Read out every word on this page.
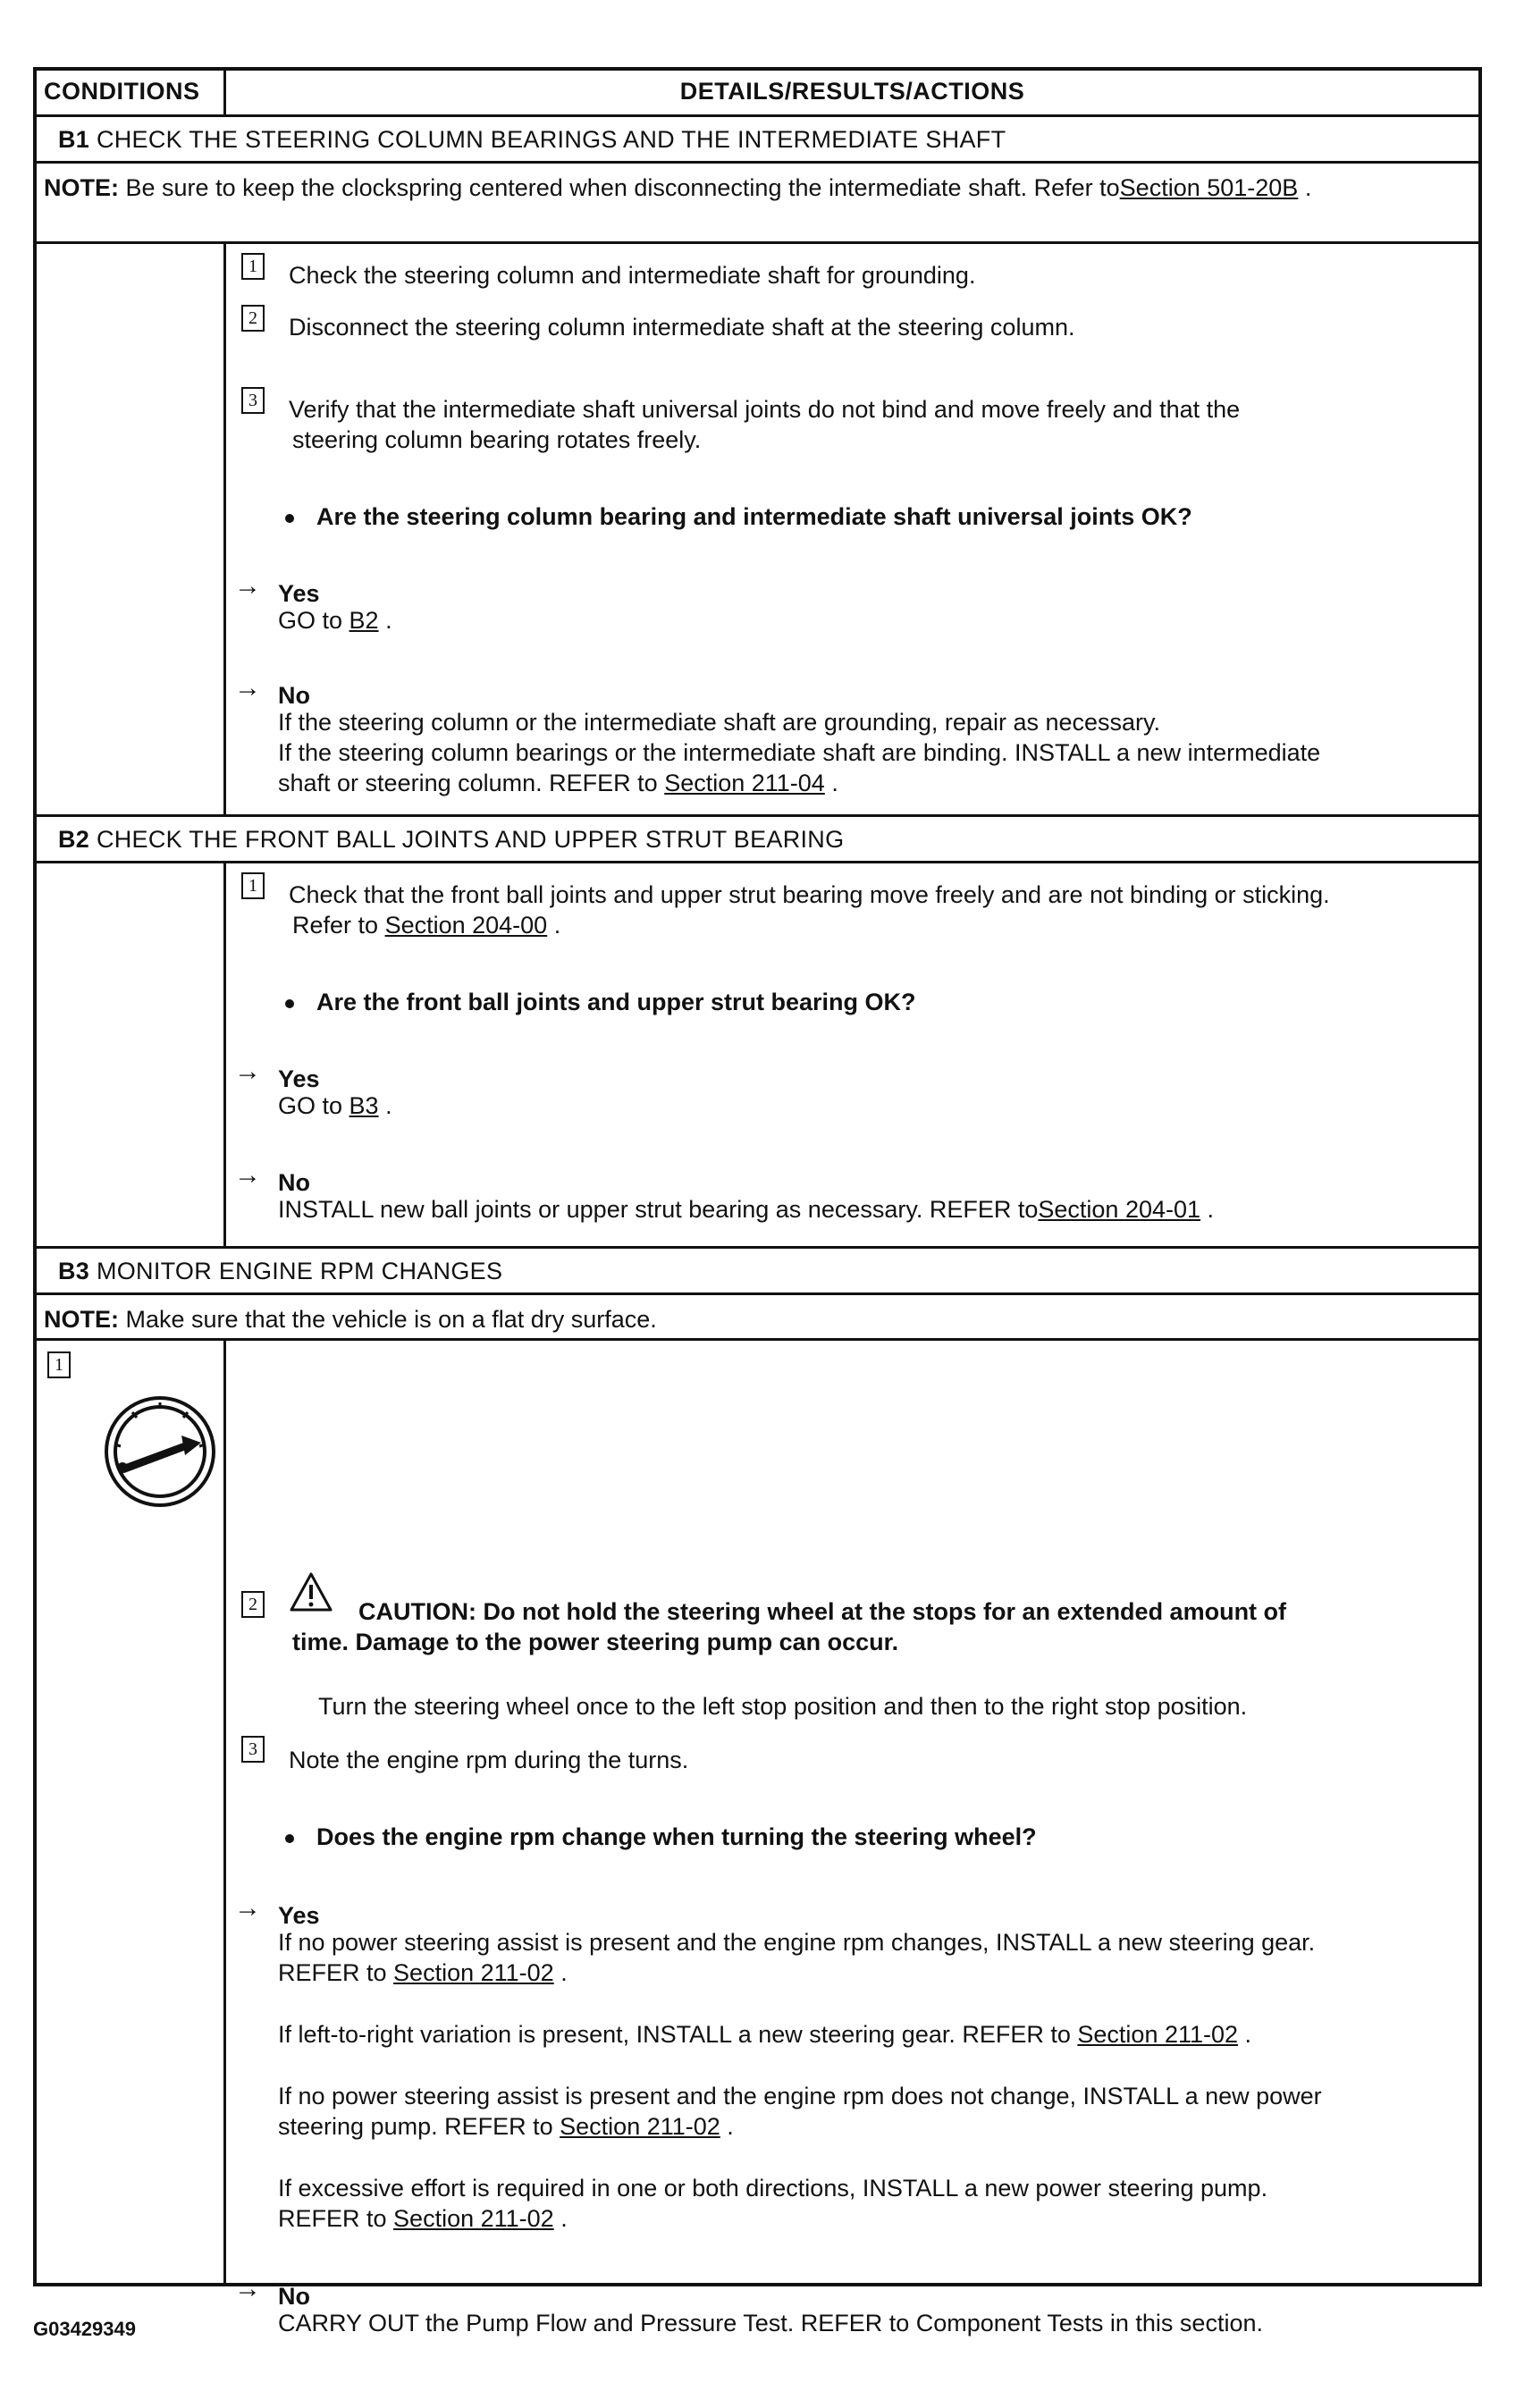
CONDITIONS	DETAILS/RESULTS/ACTIONS
B1 CHECK THE STEERING COLUMN BEARINGS AND THE INTERMEDIATE SHAFT
NOTE: Be sure to keep the clockspring centered when disconnecting the intermediate shaft. Refer toSection 501-20B .
1 Check the steering column and intermediate shaft for grounding.
2 Disconnect the steering column intermediate shaft at the steering column.
3 Verify that the intermediate shaft universal joints do not bind and move freely and that the
steering column bearing rotates freely.
Are the steering column bearing and intermediate shaft universal joints OK?
→ Yes
GO to B2 .
→ No
If the steering column or the intermediate shaft are grounding, repair as necessary.
If the steering column bearings or the intermediate shaft are binding. INSTALL a new intermediate
shaft or steering column. REFER to Section 211-04 .
B2 CHECK THE FRONT BALL JOINTS AND UPPER STRUT BEARING
1 Check that the front ball joints and upper strut bearing move freely and are not binding or sticking.
Refer to Section 204-00 .
Are the front ball joints and upper strut bearing OK?
→ Yes
GO to B3 .
→ No
INSTALL new ball joints or upper strut bearing as necessary. REFER toSection 204-01 .
B3 MONITOR ENGINE RPM CHANGES
NOTE: Make sure that the vehicle is on a flat dry surface.
1
2	CAUTION: Do not hold the steering wheel at the stops for an extended amount of
time. Damage to the power steering pump can occur.
Turn the steering wheel once to the left stop position and then to the right stop position.
3 Note the engine rpm during the turns.
Does the engine rpm change when turning the steering wheel?
→ Yes
If no power steering assist is present and the engine rpm changes, INSTALL a new steering gear.
REFER to Section 211-02 .
If left-to-right variation is present, INSTALL a new steering gear. REFER to Section 211-02 .
If no power steering assist is present and the engine rpm does not change, INSTALL a new power
steering pump. REFER to Section 211-02 .
If excessive effort is required in one or both directions, INSTALL a new power steering pump.
REFER to Section 211-02 .
→ No
CARRY OUT the Pump Flow and Pressure Test. REFER to Component Tests in this section.
G03429349
